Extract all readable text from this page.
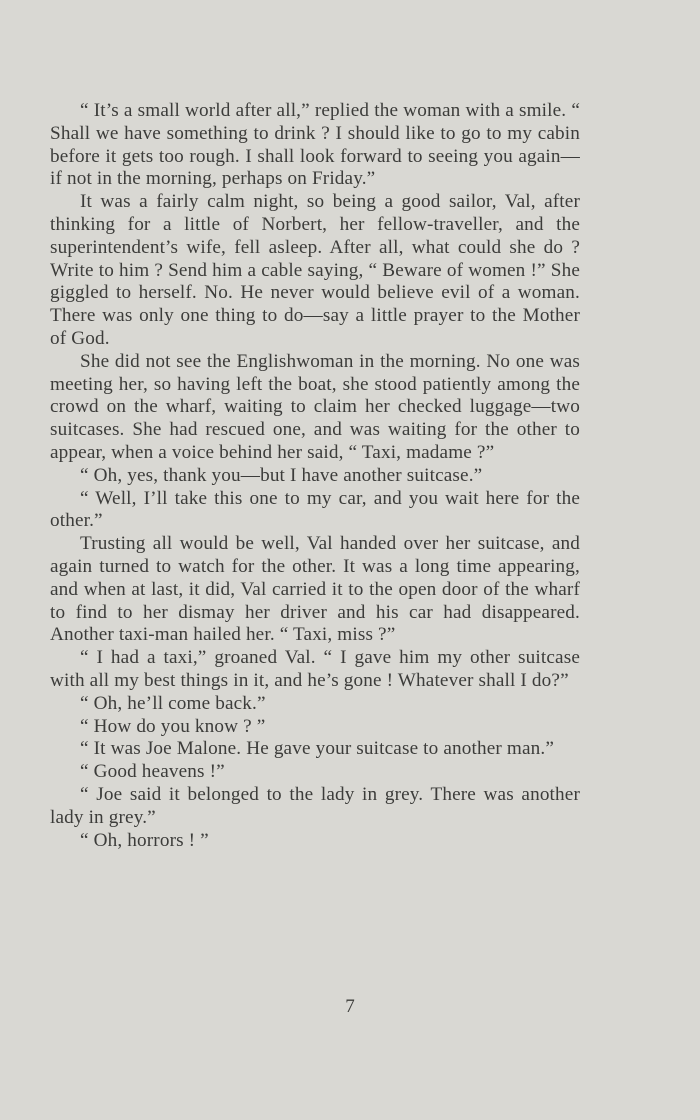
“ It’s a small world after all,” replied the woman with a smile. “ Shall we have something to drink ? I should like to go to my cabin before it gets too rough. I shall look forward to seeing you again—if not in the morning, perhaps on Friday.”

It was a fairly calm night, so being a good sailor, Val, after thinking for a little of Norbert, her fellow-traveller, and the superintendent’s wife, fell asleep. After all, what could she do ? Write to him ? Send him a cable saying, “ Beware of women !” She giggled to herself. No. He never would believe evil of a woman. There was only one thing to do—say a little prayer to the Mother of God.

She did not see the Englishwoman in the morning. No one was meeting her, so having left the boat, she stood patiently among the crowd on the wharf, waiting to claim her checked luggage—two suitcases. She had rescued one, and was waiting for the other to appear, when a voice behind her said, “ Taxi, madame ?”

“ Oh, yes, thank you—but I have another suitcase.”

“ Well, I’ll take this one to my car, and you wait here for the other.”

Trusting all would be well, Val handed over her suitcase, and again turned to watch for the other. It was a long time appearing, and when at last, it did, Val carried it to the open door of the wharf to find to her dismay her driver and his car had disappeared. Another taxi-man hailed her. “ Taxi, miss ?”

“ I had a taxi,” groaned Val. “ I gave him my other suitcase with all my best things in it, and he’s gone ! Whatever shall I do?”

“ Oh, he’ll come back.”

“ How do you know ? ”

“ It was Joe Malone. He gave your suitcase to another man.”

“ Good heavens !”

“ Joe said it belonged to the lady in grey. There was another lady in grey.”

“ Oh, horrors ! ”

7
